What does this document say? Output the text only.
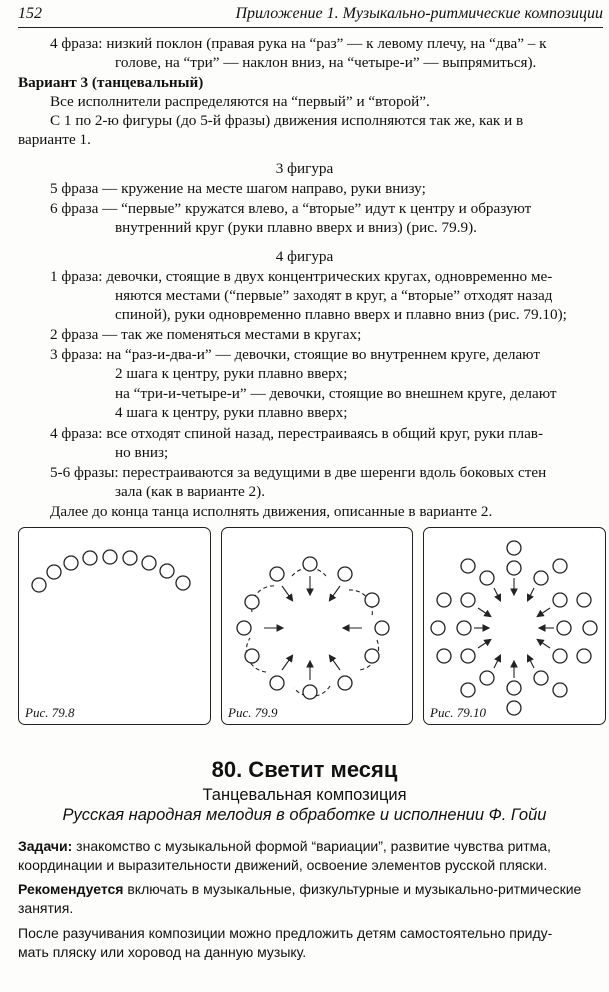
152	Приложение 1. Музыкально-ритмические композиции
4 фраза: низкий поклон (правая рука на “раз” — к левому плечу, на “два” – к
голове, на “три” — наклон вниз, на “четыре-и” — выпрямиться).
Вариант 3 (танцевальный)
Все исполнители распределяются на “первый” и “второй”.
С 1 по 2-ю фигуры (до 5-й фразы) движения исполняются так же, как и в
варианте 1.
3 фигура
5 фраза — кружение на месте шагом направо, руки внизу;
6 фраза — “первые” кружатся влево, а “вторые” идут к центру и образуют
внутренний круг (руки плавно вверх и вниз) (рис. 79.9).
4 фигура
1 фраза: девочки, стоящие в двух концентрических кругах, одновременно ме-
няются местами (“первые” заходят в круг, а “вторые” отходят назад
спиной), руки одновременно плавно вверх и плавно вниз (рис. 79.10);
2 фраза — так же поменяться местами в кругах;
3 фраза: на “раз-и-два-и” — девочки, стоящие во внутреннем круге, делают
2 шага к центру, руки плавно вверх;
на “три-и-четыре-и” — девочки, стоящие во внешнем круге, делают
4 шага к центру, руки плавно вверх;
4 фраза: все отходят спиной назад, перестраиваясь в общий круг, руки плав-
но вниз;
5-6 фразы: перестраиваются за ведущими в две шеренги вдоль боковых стен
зала (как в варианте 2).
Далее до конца танца исполнять движения, описанные в варианте 2.
Рис. 79.8	Рис. 79.9	Рис. 79.10
80. Светит месяц
Танцевальная композиция
Русская народная мелодия в обработке и исполнении Ф. Гойи
Задачи: знакомство с музыкальной формой “вариации”, развитие чувства ритма,
координации и выразительности движений, освоение элементов русской пляски.
Рекомендуется включать в музыкальные, физкультурные и музыкально-ритмические
занятия.
После разучивания композиции можно предложить детям самостоятельно приду-
мать пляску или хоровод на данную музыку.
